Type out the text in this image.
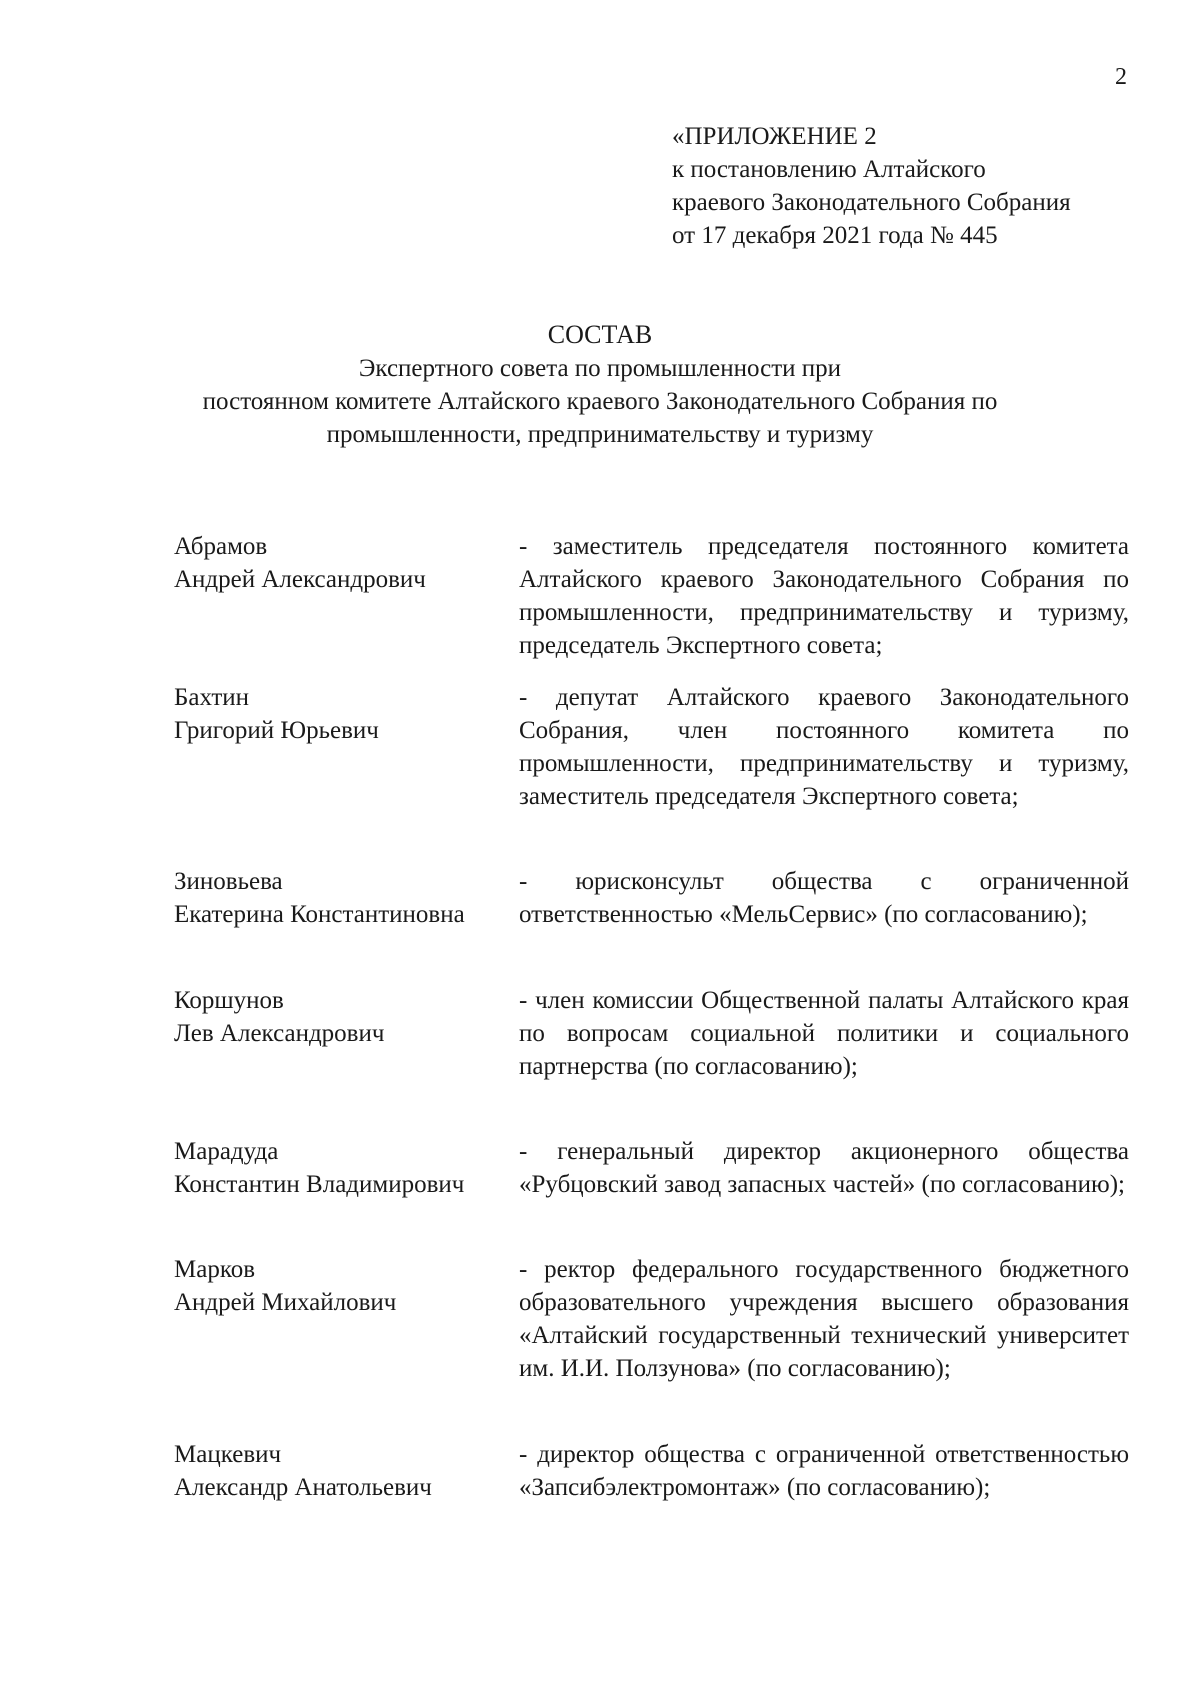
2
«ПРИЛОЖЕНИЕ 2
к постановлению Алтайского
краевого Законодательного Собрания
от 17 декабря 2021 года № 445
СОСТАВ
Экспертного совета по промышленности при
постоянном комитете Алтайского краевого Законодательного Собрания по
промышленности, предпринимательству и туризму
Абрамов
Андрей Александрович
- заместитель председателя постоянного комитета Алтайского краевого Законодательного Собрания по промышленности, предпринимательству и туризму, председатель Экспертного совета;
Бахтин
Григорий Юрьевич
- депутат Алтайского краевого Законодательного Собрания, член постоянного комитета по промышленности, предпринимательству и туризму, заместитель председателя Экспертного совета;
Зиновьева
Екатерина Константиновна
- юрисконсульт общества с ограниченной ответственностью «МельСервис» (по согласованию);
Коршунов
Лев Александрович
- член комиссии Общественной палаты Алтайского края по вопросам социальной политики и социального партнерства (по согласованию);
Марадуда
Константин Владимирович
- генеральный директор акционерного общества «Рубцовский завод запасных частей» (по согласованию);
Марков
Андрей Михайлович
- ректор федерального государственного бюджетного образовательного учреждения высшего образования «Алтайский государственный технический университет им. И.И. Ползунова» (по согласованию);
Мацкевич
Александр Анатольевич
- директор общества с ограниченной ответственностью «Запсибэлектромонтаж» (по согласованию);
